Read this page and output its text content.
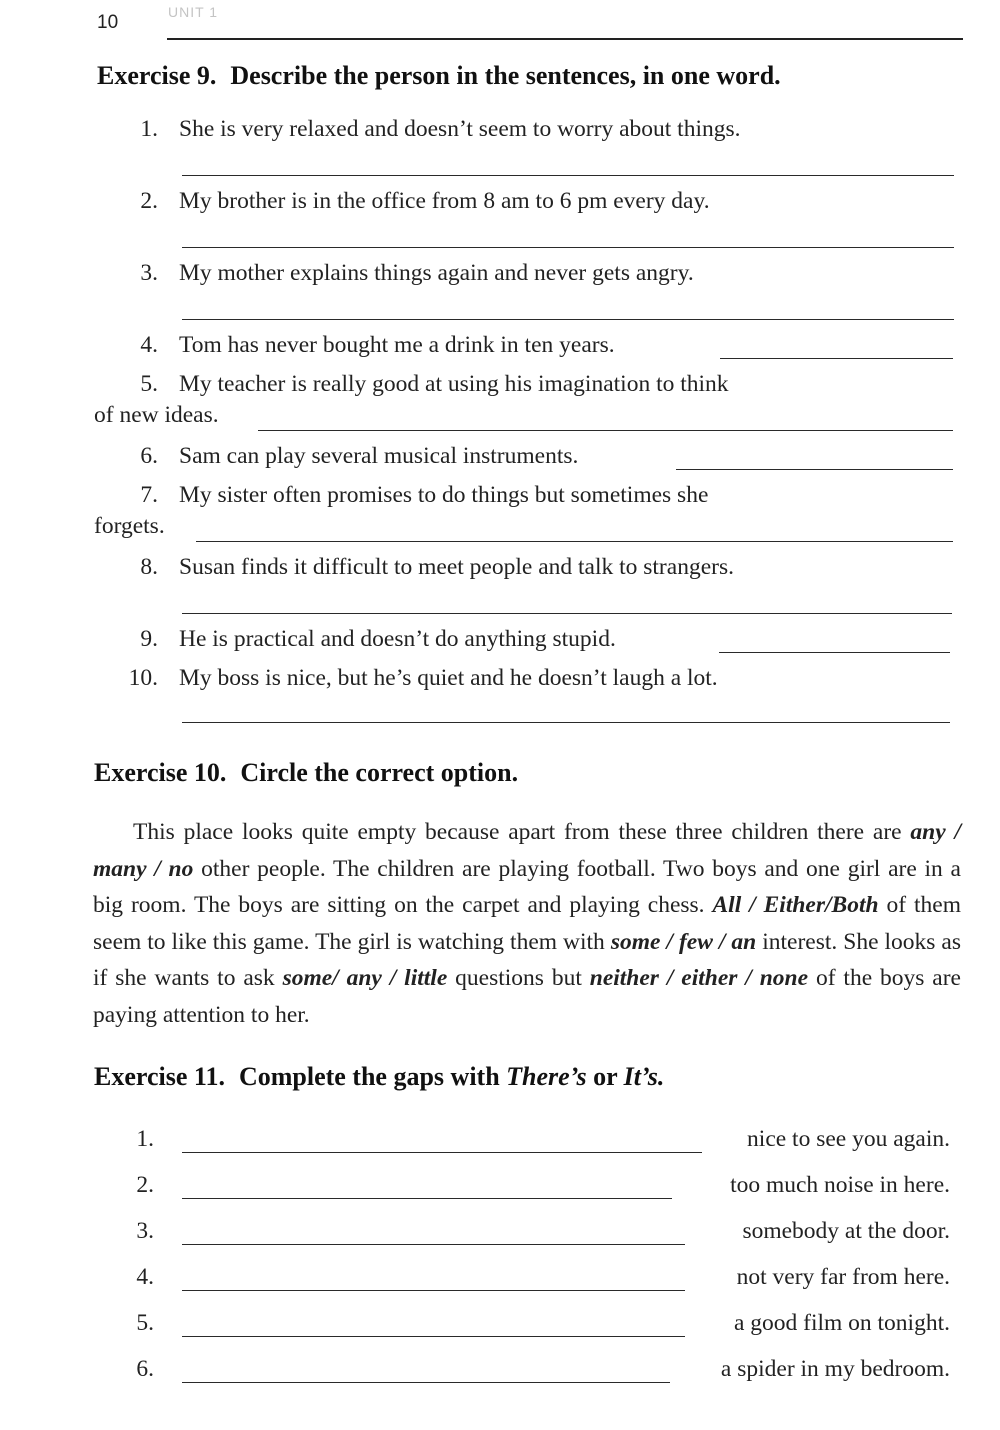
10	UNIT 1
Exercise 9. Describe the person in the sentences, in one word.
1. She is very relaxed and doesn’t seem to worry about things.
2. My brother is in the office from 8 am to 6 pm every day.
3. My mother explains things again and never gets angry.
4. Tom has never bought me a drink in ten years.
5. My teacher is really good at using his imagination to think
of new ideas.
6. Sam can play several musical instruments.
7. My sister often promises to do things but sometimes she
forgets.
8. Susan finds it difficult to meet people and talk to strangers.
9. He is practical and doesn’t do anything stupid.
10. My boss is nice, but he’s quiet and he doesn’t laugh a lot.
Exercise 10. Circle the correct option.
This place looks quite empty because apart from these three children there are any / many / no other people. The children are playing football. Two boys and one girl are in a big room. The boys are sitting on the carpet and playing chess. All / Either/Both of them seem to like this game. The girl is watching them with some / few / an interest. She looks as if she wants to ask some/ any / little questions but neither / either / none of the boys are paying attention to her.
Exercise 11. Complete the gaps with There’s or It’s.
1.	nice to see you again.
2.	too much noise in here.
3.	somebody at the door.
4.	not very far from here.
5.	a good film on tonight.
6.	a spider in my bedroom.
